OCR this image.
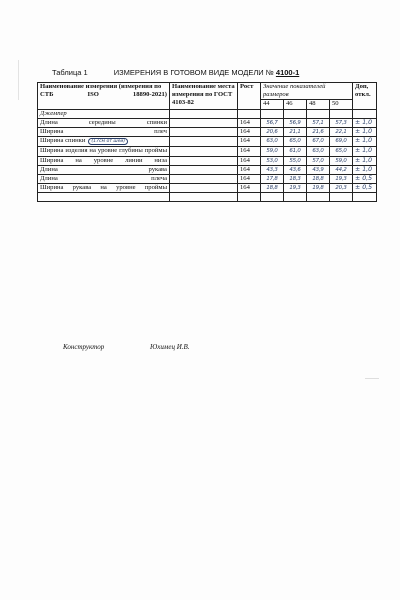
Таблица 1	ИЗМЕРЕНИЯ В ГОТОВОМ ВИДЕ МОДЕЛИ № 4100-1
Наименование измерения (измерения по СТБ ISO 18890-2021)	Наименование места измерения по ГОСТ 4103-82	Рост	Значение показателей размеров				Доп, откл.
			44	46	48	50	
Джемпер							
Длина середины спинки		164	56,7	56,9	57,1	57,3	± 1,0
Ширина плеч		164	20,6	21,1	21,6	22,1	± 1,0
Ширина спинки (17см от шеи)		164	63,0	65,0	67,0	69,0	± 1,0
Ширина изделия на уровне глубины проймы		164	59,0	61,0	63,0	65,0	± 1,0
Ширина на уровне линии низа		164	53,0	55,0	57,0	59,0	± 1,0
Длина рукава		164	43,3	43,6	43,9	44,2	± 1,0
Длина плеча		164	17,8	18,3	18,8	19,3	± 0,5
Ширина рукава на уровне проймы		164	18,8	19,3	19,8	20,3	± 0,5

Конструктор	Юхимец И.В.
